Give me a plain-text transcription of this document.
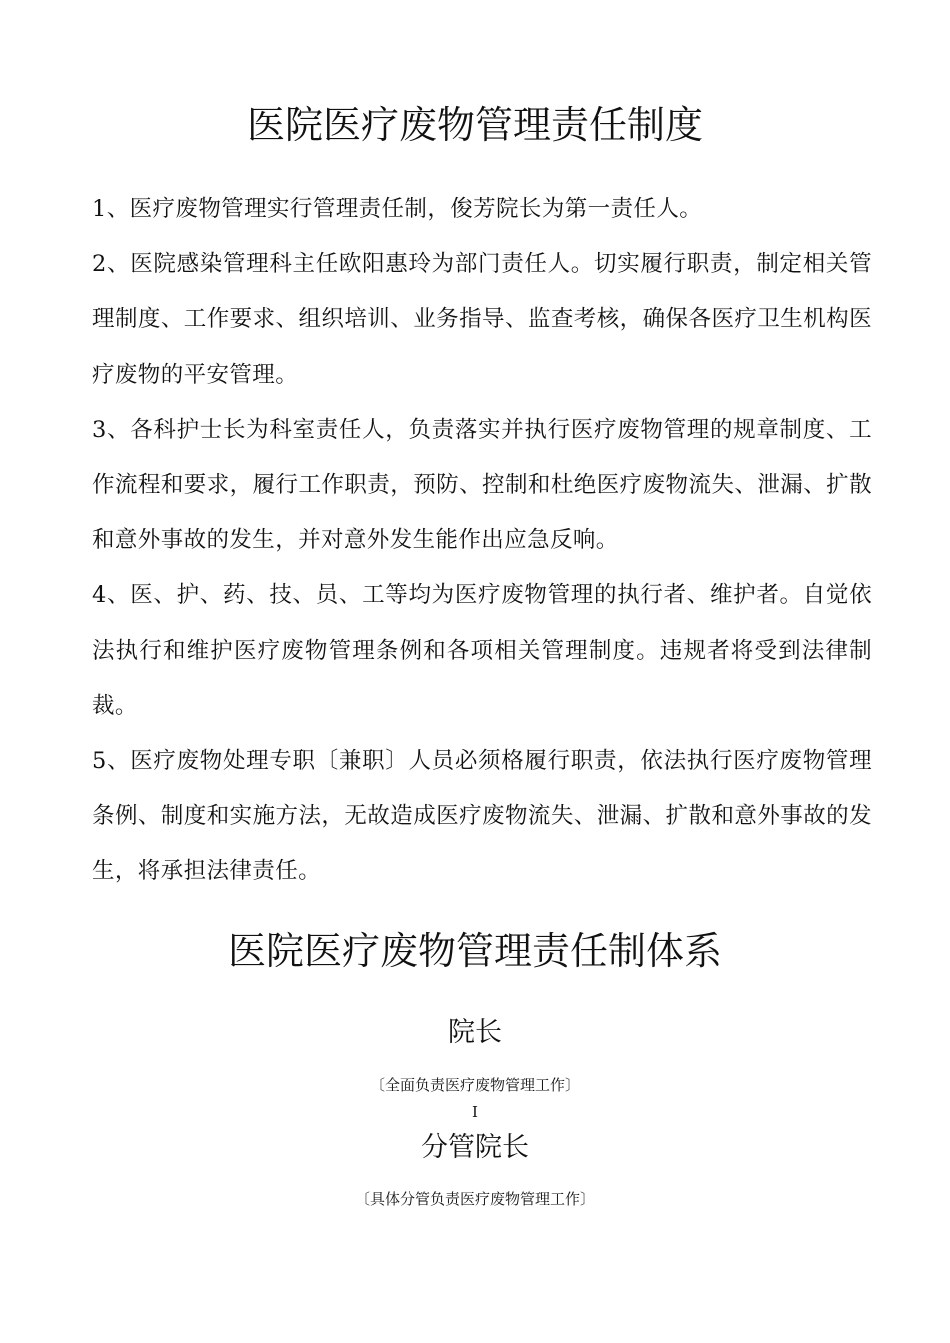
医院医疗废物管理责任制度

1、医疗废物管理实行管理责任制，俊芳院长为第一责任人。

2、医院感染管理科主任欧阳惠玲为部门责任人。切实履行职责，制定相关管理制度、工作要求、组织培训、业务指导、监查考核，确保各医疗卫生机构医疗废物的平安管理。

3、各科护士长为科室责任人，负责落实并执行医疗废物管理的规章制度、工作流程和要求，履行工作职责，预防、控制和杜绝医疗废物流失、泄漏、扩散和意外事故的发生，并对意外发生能作出应急反响。

4、医、护、药、技、员、工等均为医疗废物管理的执行者、维护者。自觉依法执行和维护医疗废物管理条例和各项相关管理制度。违规者将受到法律制裁。

5、医疗废物处理专职〔兼职〕人员必须格履行职责，依法执行医疗废物管理条例、制度和实施方法，无故造成医疗废物流失、泄漏、扩散和意外事故的发生，将承担法律责任。

医院医疗废物管理责任制体系

院长

〔全面负责医疗废物管理工作〕

I

分管院长

〔具体分管负责医疗废物管理工作〕
